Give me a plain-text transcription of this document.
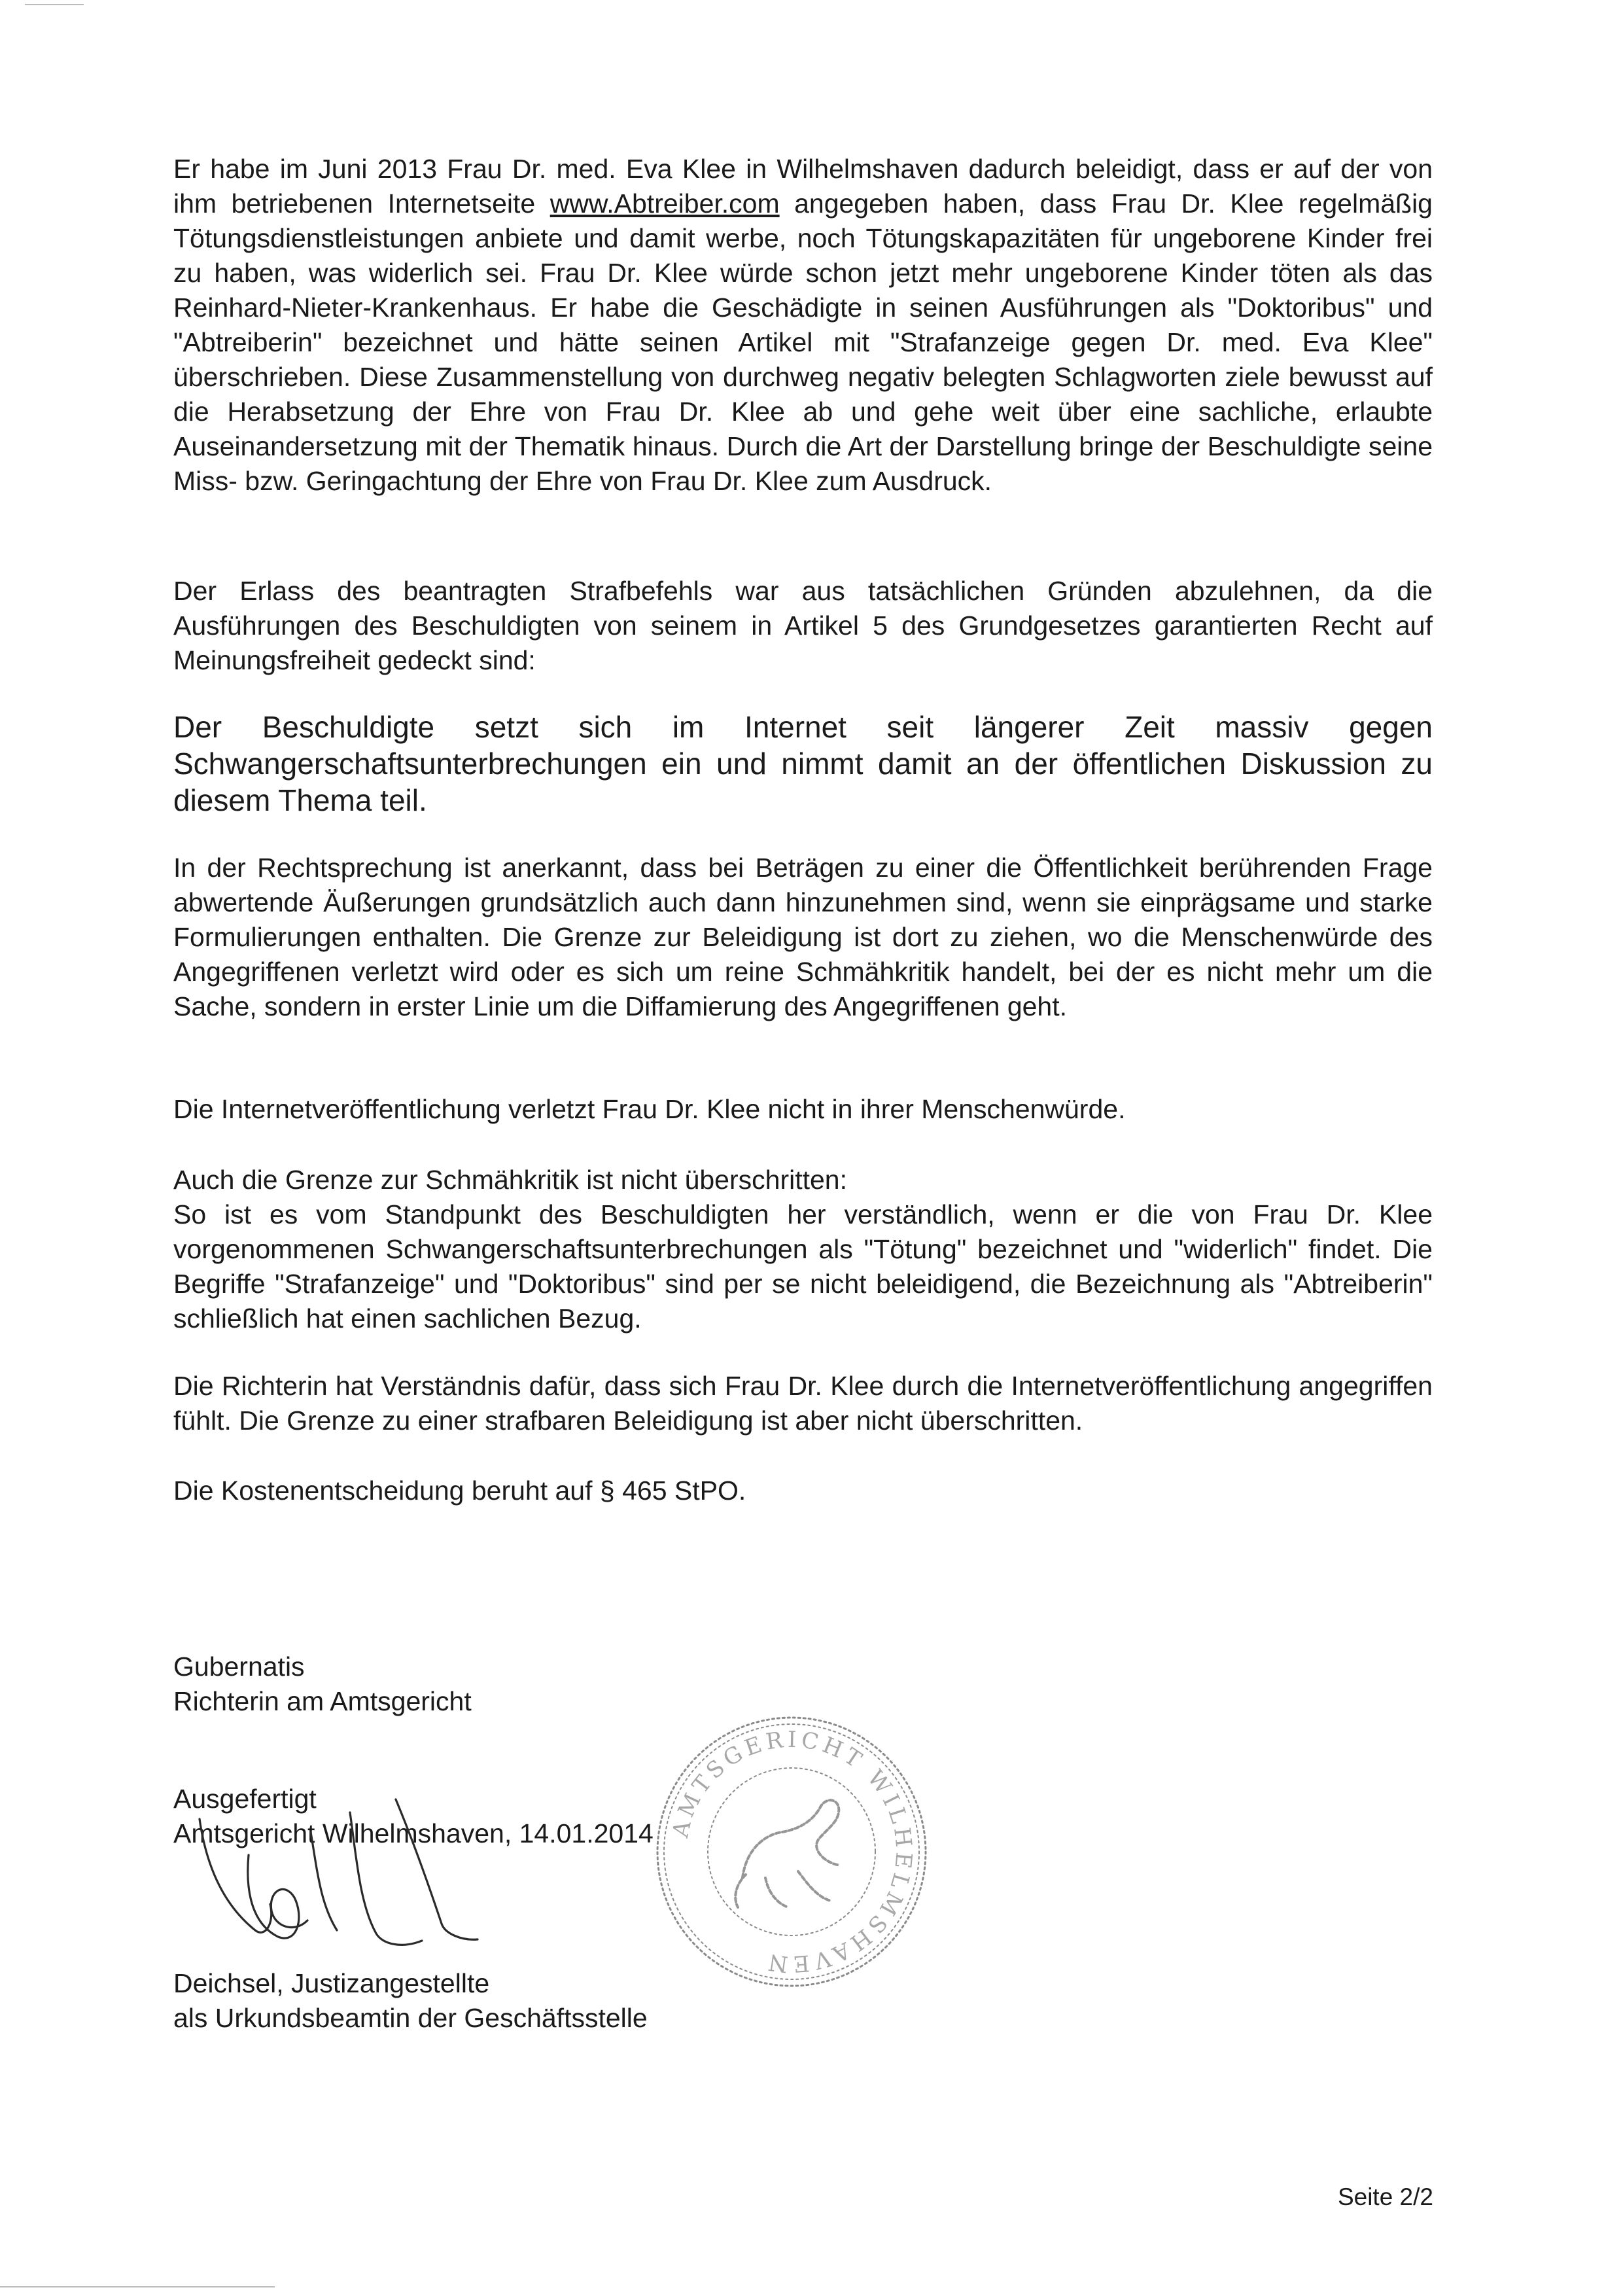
Er habe im Juni 2013 Frau Dr. med. Eva Klee in Wilhelmshaven dadurch beleidigt, dass er auf der von ihm betriebenen Internetseite www.Abtreiber.com angegeben haben, dass Frau Dr. Klee regelmäßig Tötungsdienstleistungen anbiete und damit werbe, noch Tötungskapazitäten für ungeborene Kinder frei zu haben, was widerlich sei. Frau Dr. Klee würde schon jetzt mehr ungeborene Kinder töten als das Reinhard-Nieter-Krankenhaus. Er habe die Geschädigte in seinen Ausführungen als "Doktoribus" und "Abtreiberin" bezeichnet und hätte seinen Artikel mit "Strafanzeige gegen Dr. med. Eva Klee" überschrieben. Diese Zusammenstellung von durchweg negativ belegten Schlagworten ziele bewusst auf die Herabsetzung der Ehre von Frau Dr. Klee ab und gehe weit über eine sachliche, erlaubte Auseinandersetzung mit der Thematik hinaus. Durch die Art der Darstellung bringe der Beschuldigte seine Miss- bzw. Geringachtung der Ehre von Frau Dr. Klee zum Ausdruck.

Der Erlass des beantragten Strafbefehls war aus tatsächlichen Gründen abzulehnen, da die Ausführungen des Beschuldigten von seinem in Artikel 5 des Grundgesetzes garantierten Recht auf Meinungsfreiheit gedeckt sind:

Der Beschuldigte setzt sich im Internet seit längerer Zeit massiv gegen Schwangerschaftsunterbrechungen ein und nimmt damit an der öffentlichen Diskussion zu diesem Thema teil.

In der Rechtsprechung ist anerkannt, dass bei Beträgen zu einer die Öffentlichkeit berührenden Frage abwertende Äußerungen grundsätzlich auch dann hinzunehmen sind, wenn sie einprägsame und starke Formulierungen enthalten. Die Grenze zur Beleidigung ist dort zu ziehen, wo die Menschenwürde des Angegriffenen verletzt wird oder es sich um reine Schmähkritik handelt, bei der es nicht mehr um die Sache, sondern in erster Linie um die Diffamierung des Angegriffenen geht.

Die Internetveröffentlichung verletzt Frau Dr. Klee nicht in ihrer Menschenwürde.

Auch die Grenze zur Schmähkritik ist nicht überschritten:
So ist es vom Standpunkt des Beschuldigten her verständlich, wenn er die von Frau Dr. Klee vorgenommenen Schwangerschaftsunterbrechungen als "Tötung" bezeichnet und "widerlich" findet. Die Begriffe "Strafanzeige" und "Doktoribus" sind per se nicht beleidigend, die Bezeichnung als "Abtreiberin" schließlich hat einen sachlichen Bezug.

Die Richterin hat Verständnis dafür, dass sich Frau Dr. Klee durch die Internetveröffentlichung angegriffen fühlt. Die Grenze zu einer strafbaren Beleidigung ist aber nicht überschritten.

Die Kostenentscheidung beruht auf § 465 StPO.

Gubernatis
Richterin am Amtsgericht
Ausgefertigt
Amtsgericht Wilhelmshaven, 14.01.2014
Deichsel, Justizangestellte
als Urkundsbeamtin der Geschäftsstelle
AMTSGERICHT WILHELMSHAVEN
Seite 2/2
